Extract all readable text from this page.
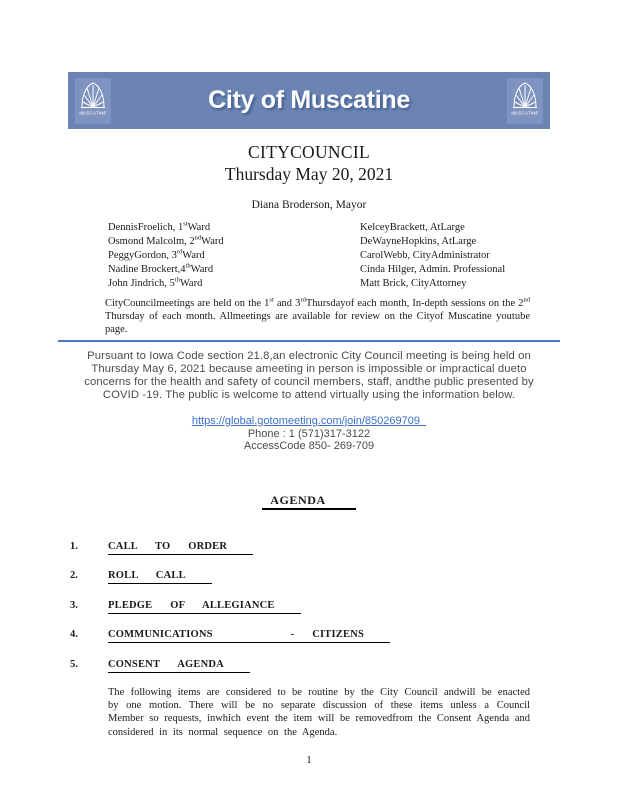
MUSCATINE	City of Muscatine	MUSCATINE
CITY COUNCIL
Thursday May 20, 2021
Diana Broderson, Mayor
DennisFroelich, 1stWard	KelceyBrackett, AtLarge
Osmond Malcolm, 2ndWard	DeWayneHopkins, AtLarge
PeggyGordon, 3rdWard	CarolWebb, CityAdministrator
Nadine Brockert,4thWard	Cinda Hilger, Admin. Professional
John Jindrich, 5thWard	Matt Brick, CityAttorney
CityCouncilmeetings are held on the 1st and 3rdThursdayof each month, In-depth sessions on the 2nd Thursday of each month. Allmeetings are available for review on the Cityof Muscatine youtube page.
Pursuant to Iowa Code section 21.8,an electronic City Council meeting is being held on Thursday May 6, 2021 because ameeting in person is impossible or impractical dueto concerns for the health and safety of council members, staff, andthe public presented by COVID -19. The public is welcome to attend virtually using the information below.
https://global.gotomeeting.com/join/850269709
Phone : 1 (571)317-3122
AccessCode 850- 269-709
AGENDA
1.	CALL TO ORDER
2.	ROLL CALL
3.	PLEDGE OF ALLEGIANCE
4.	COMMUNICATIONS	- CITIZENS
5.	CONSENT AGENDA
The following items are considered to be routine by the City Council andwill be enacted by one motion. There will be no separate discussion of these items unless a Council Member so requests, inwhich event the item will be removedfrom the Consent Agenda and considered in its normal sequence on the Agenda.
1
